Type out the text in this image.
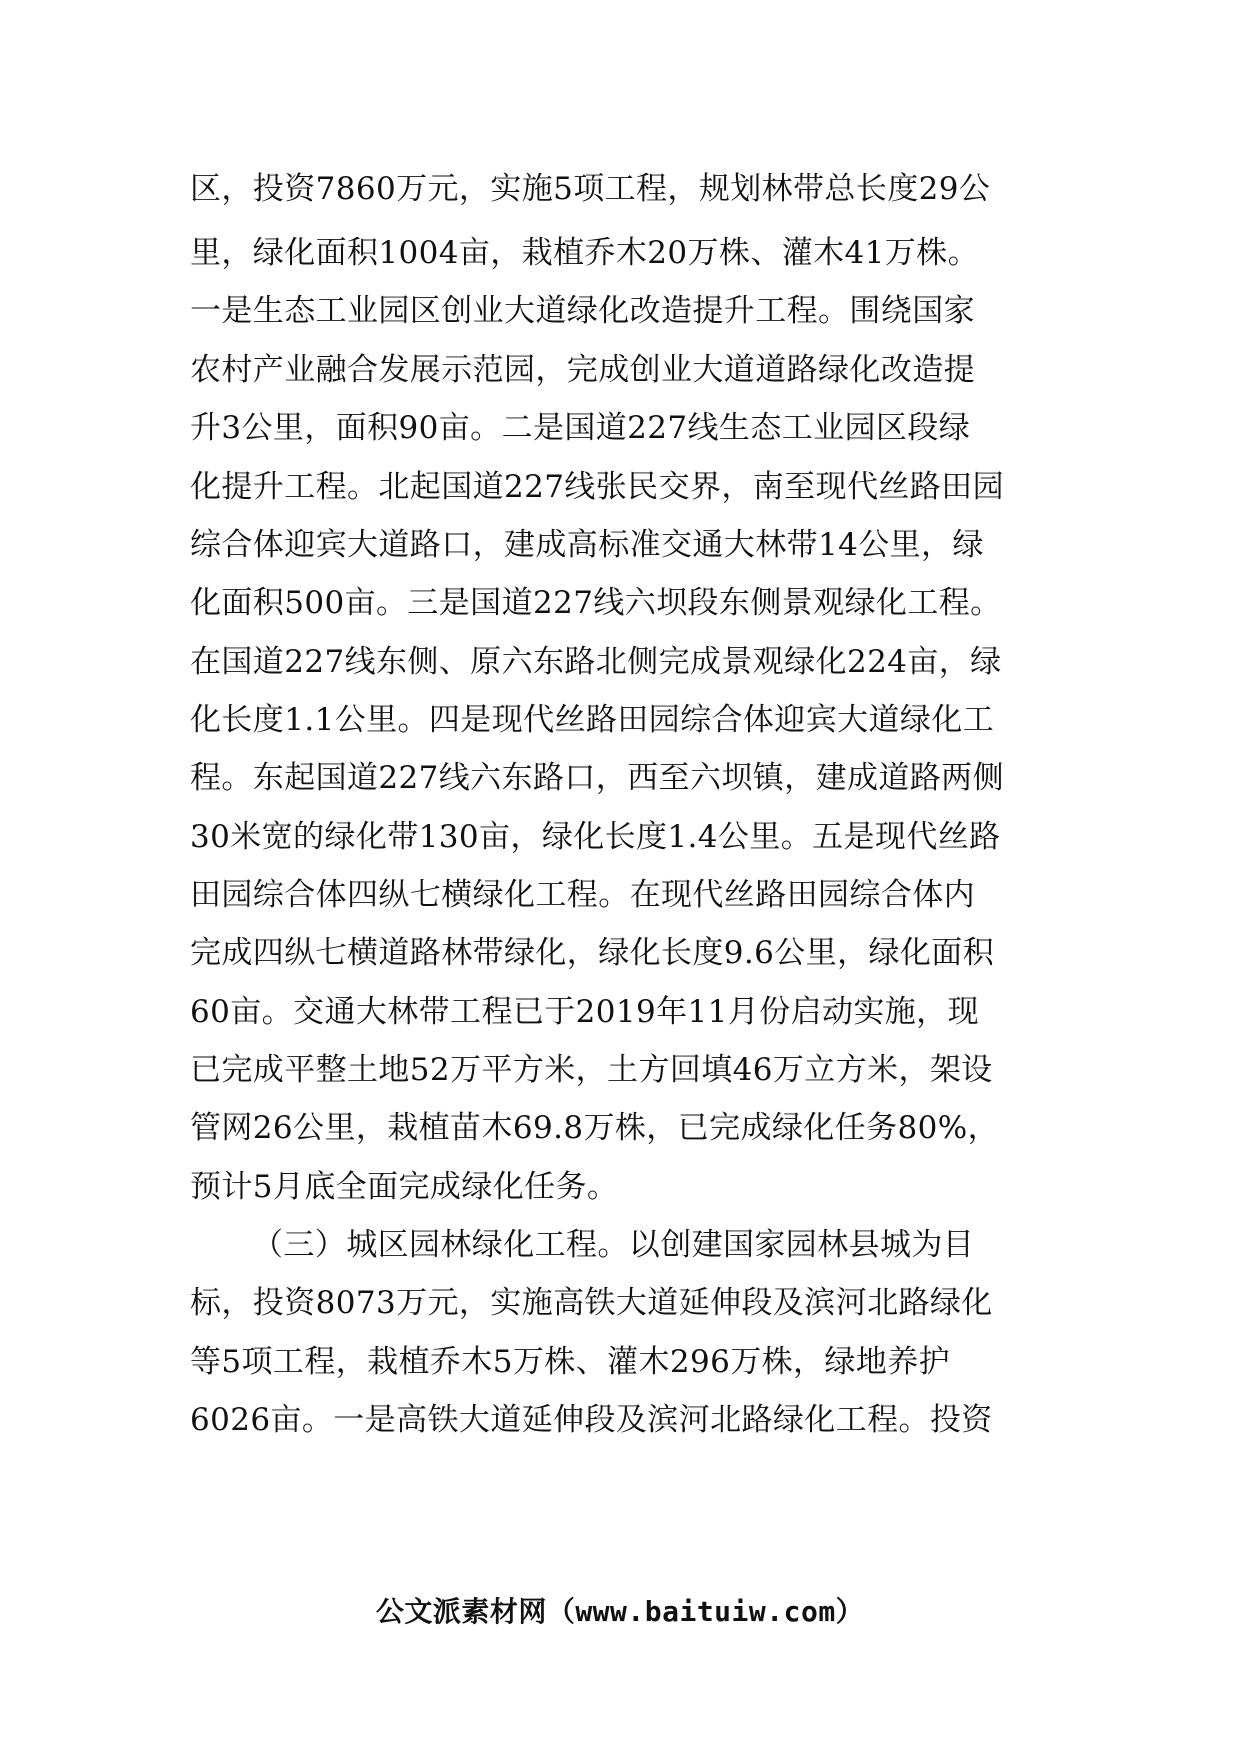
区，投资7860万元，实施5项工程，规划林带总长度29公
里，绿化面积1004亩，栽植乔木20万株、灌木41万株。
一是生态工业园区创业大道绿化改造提升工程。围绕国家
农村产业融合发展示范园，完成创业大道道路绿化改造提
升3公里，面积90亩。二是国道227线生态工业园区段绿
化提升工程。北起国道227线张民交界，南至现代丝路田园
综合体迎宾大道路口，建成高标准交通大林带14公里，绿
化面积500亩。三是国道227线六坝段东侧景观绿化工程。
在国道227线东侧、原六东路北侧完成景观绿化224亩，绿
化长度1.1公里。四是现代丝路田园综合体迎宾大道绿化工
程。东起国道227线六东路口，西至六坝镇，建成道路两侧
30米宽的绿化带130亩，绿化长度1.4公里。五是现代丝路
田园综合体四纵七横绿化工程。在现代丝路田园综合体内
完成四纵七横道路林带绿化，绿化长度9.6公里，绿化面积
60亩。交通大林带工程已于2019年11月份启动实施，现
已完成平整土地52万平方米，土方回填46万立方米，架设
管网26公里，栽植苗木69.8万株，已完成绿化任务80%，
预计5月底全面完成绿化任务。
（三）城区园林绿化工程。以创建国家园林县城为目
标，投资8073万元，实施高铁大道延伸段及滨河北路绿化
等5项工程，栽植乔木5万株、灌木296万株，绿地养护
6026亩。一是高铁大道延伸段及滨河北路绿化工程。投资
公文派素材网（www.baituiw.com）
